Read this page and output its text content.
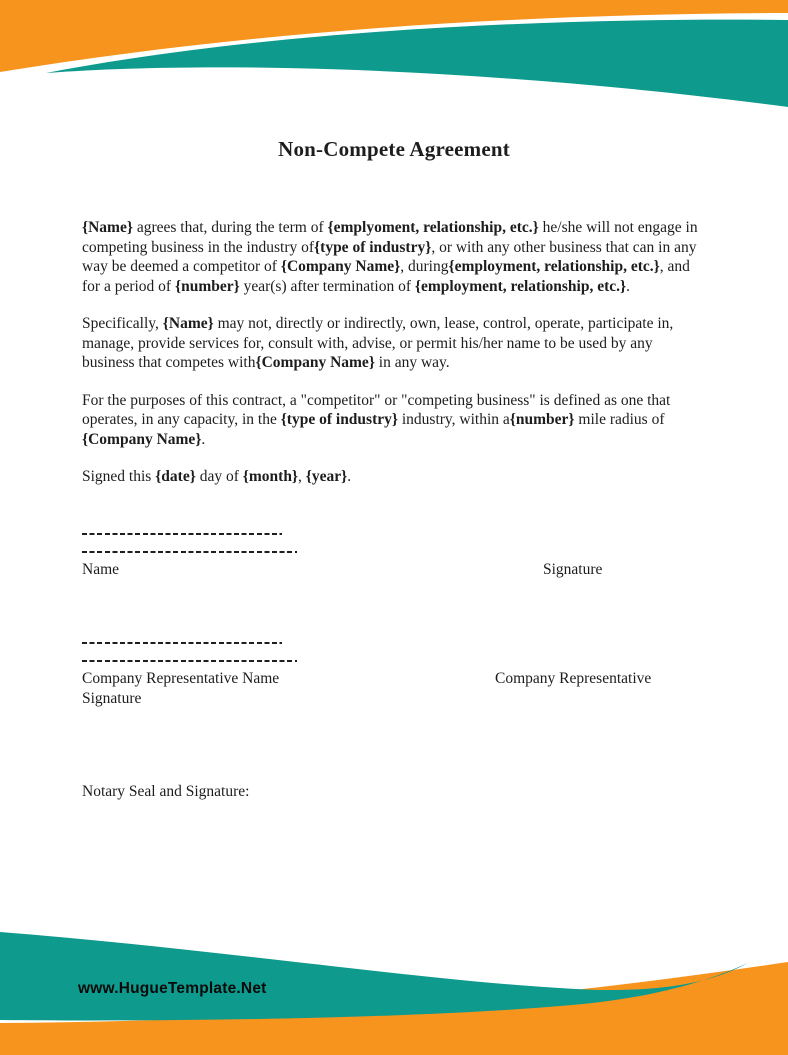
Non-Compete Agreement

{Name} agrees that, during the term of {emplyoment, relationship, etc.} he/she will not engage in competing business in the industry of{type of industry}, or with any other business that can in any way be deemed a competitor of {Company Name}, during{employment, relationship, etc.}, and for a period of {number} year(s) after termination of {employment, relationship, etc.}.

Specifically, {Name} may not, directly or indirectly, own, lease, control, operate, participate in, manage, provide services for, consult with, advise, or permit his/her name to be used by any business that competes with{Company Name} in any way.

For the purposes of this contract, a "competitor" or "competing business" is defined as one that operates, in any capacity, in the {type of industry} industry, within a{number} mile radius of {Company Name}.

Signed this {date} day of {month}, {year}.

Name	Signature
Company Representative Name
Signature
Company Representative

Notary Seal and Signature:

www.HugueTemplate.Net
